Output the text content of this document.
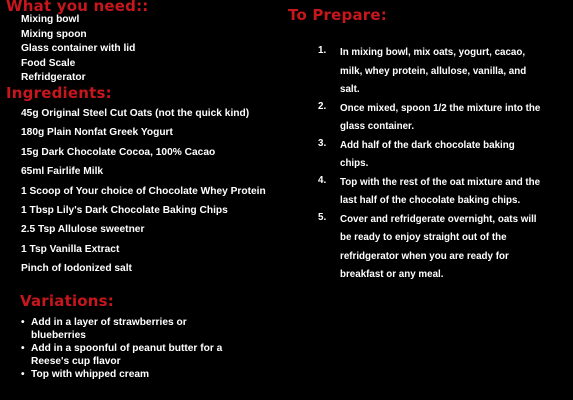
What you need::
Mixing bowl
Mixing spoon
Glass container with lid
Food Scale
Refridgerator
Ingredients:
45g Original Steel Cut Oats (not the quick kind)
180g Plain Nonfat Greek Yogurt
15g Dark Chocolate Cocoa, 100% Cacao
65ml Fairlife Milk
1 Scoop of Your choice of Chocolate Whey Protein
1 Tbsp Lily's Dark Chocolate Baking Chips
2.5 Tsp Allulose sweetner
1 Tsp Vanilla Extract
Pinch of Iodonized salt
Variations:
• Add in a layer of strawberries or blueberries
• Add in a spoonful of peanut butter for a Reese's cup flavor
• Top with whipped cream
To Prepare:
1. In mixing bowl, mix oats, yogurt, cacao, milk, whey protein, allulose, vanilla, and salt.
2. Once mixed, spoon 1/2 the mixture into the glass container.
3. Add half of the dark chocolate baking chips.
4. Top with the rest of the oat mixture and the last half of the chocolate baking chips.
5. Cover and refridgerate overnight, oats will be ready to enjoy straight out of the refridgerator when you are ready for breakfast or any meal.
